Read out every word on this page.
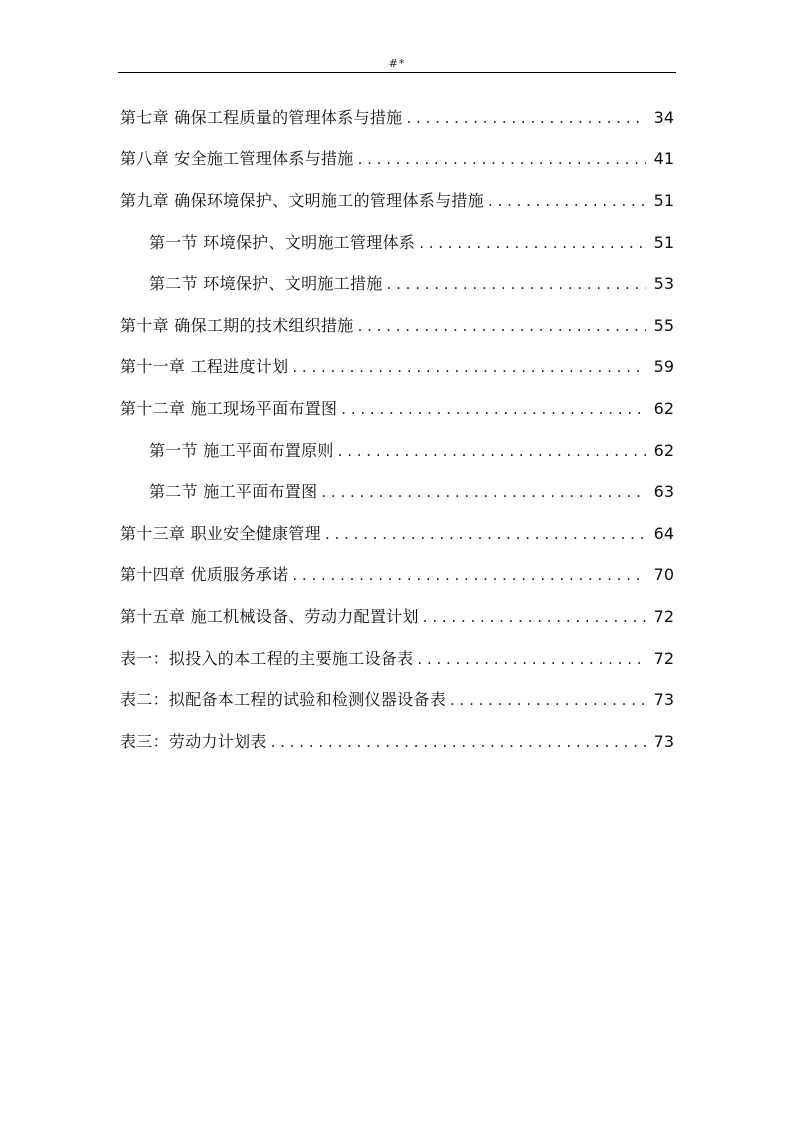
#*
第七章 确保工程质量的管理体系与措施 . . .	34
第八章 安全施工管理体系与措施 . . .	41
第九章 确保环境保护、文明施工的管理体系与措施 . . .	51
第一节 环境保护、文明施工管理体系 . . .	51
第二节 环境保护、文明施工措施 . . .	53
第十章 确保工期的技术组织措施 . . .	55
第十一章 工程进度计划 . . .	59
第十二章 施工现场平面布置图 . . .	62
第一节 施工平面布置原则 . . .	62
第二节 施工平面布置图 . . .	63
第十三章 职业安全健康管理 . . .	64
第十四章 优质服务承诺 . . .	70
第十五章 施工机械设备、劳动力配置计划 . . .	72
表一：拟投入的本工程的主要施工设备表 . . .	72
表二：拟配备本工程的试验和检测仪器设备表 . . .	73
表三：劳动力计划表 . . .	73
